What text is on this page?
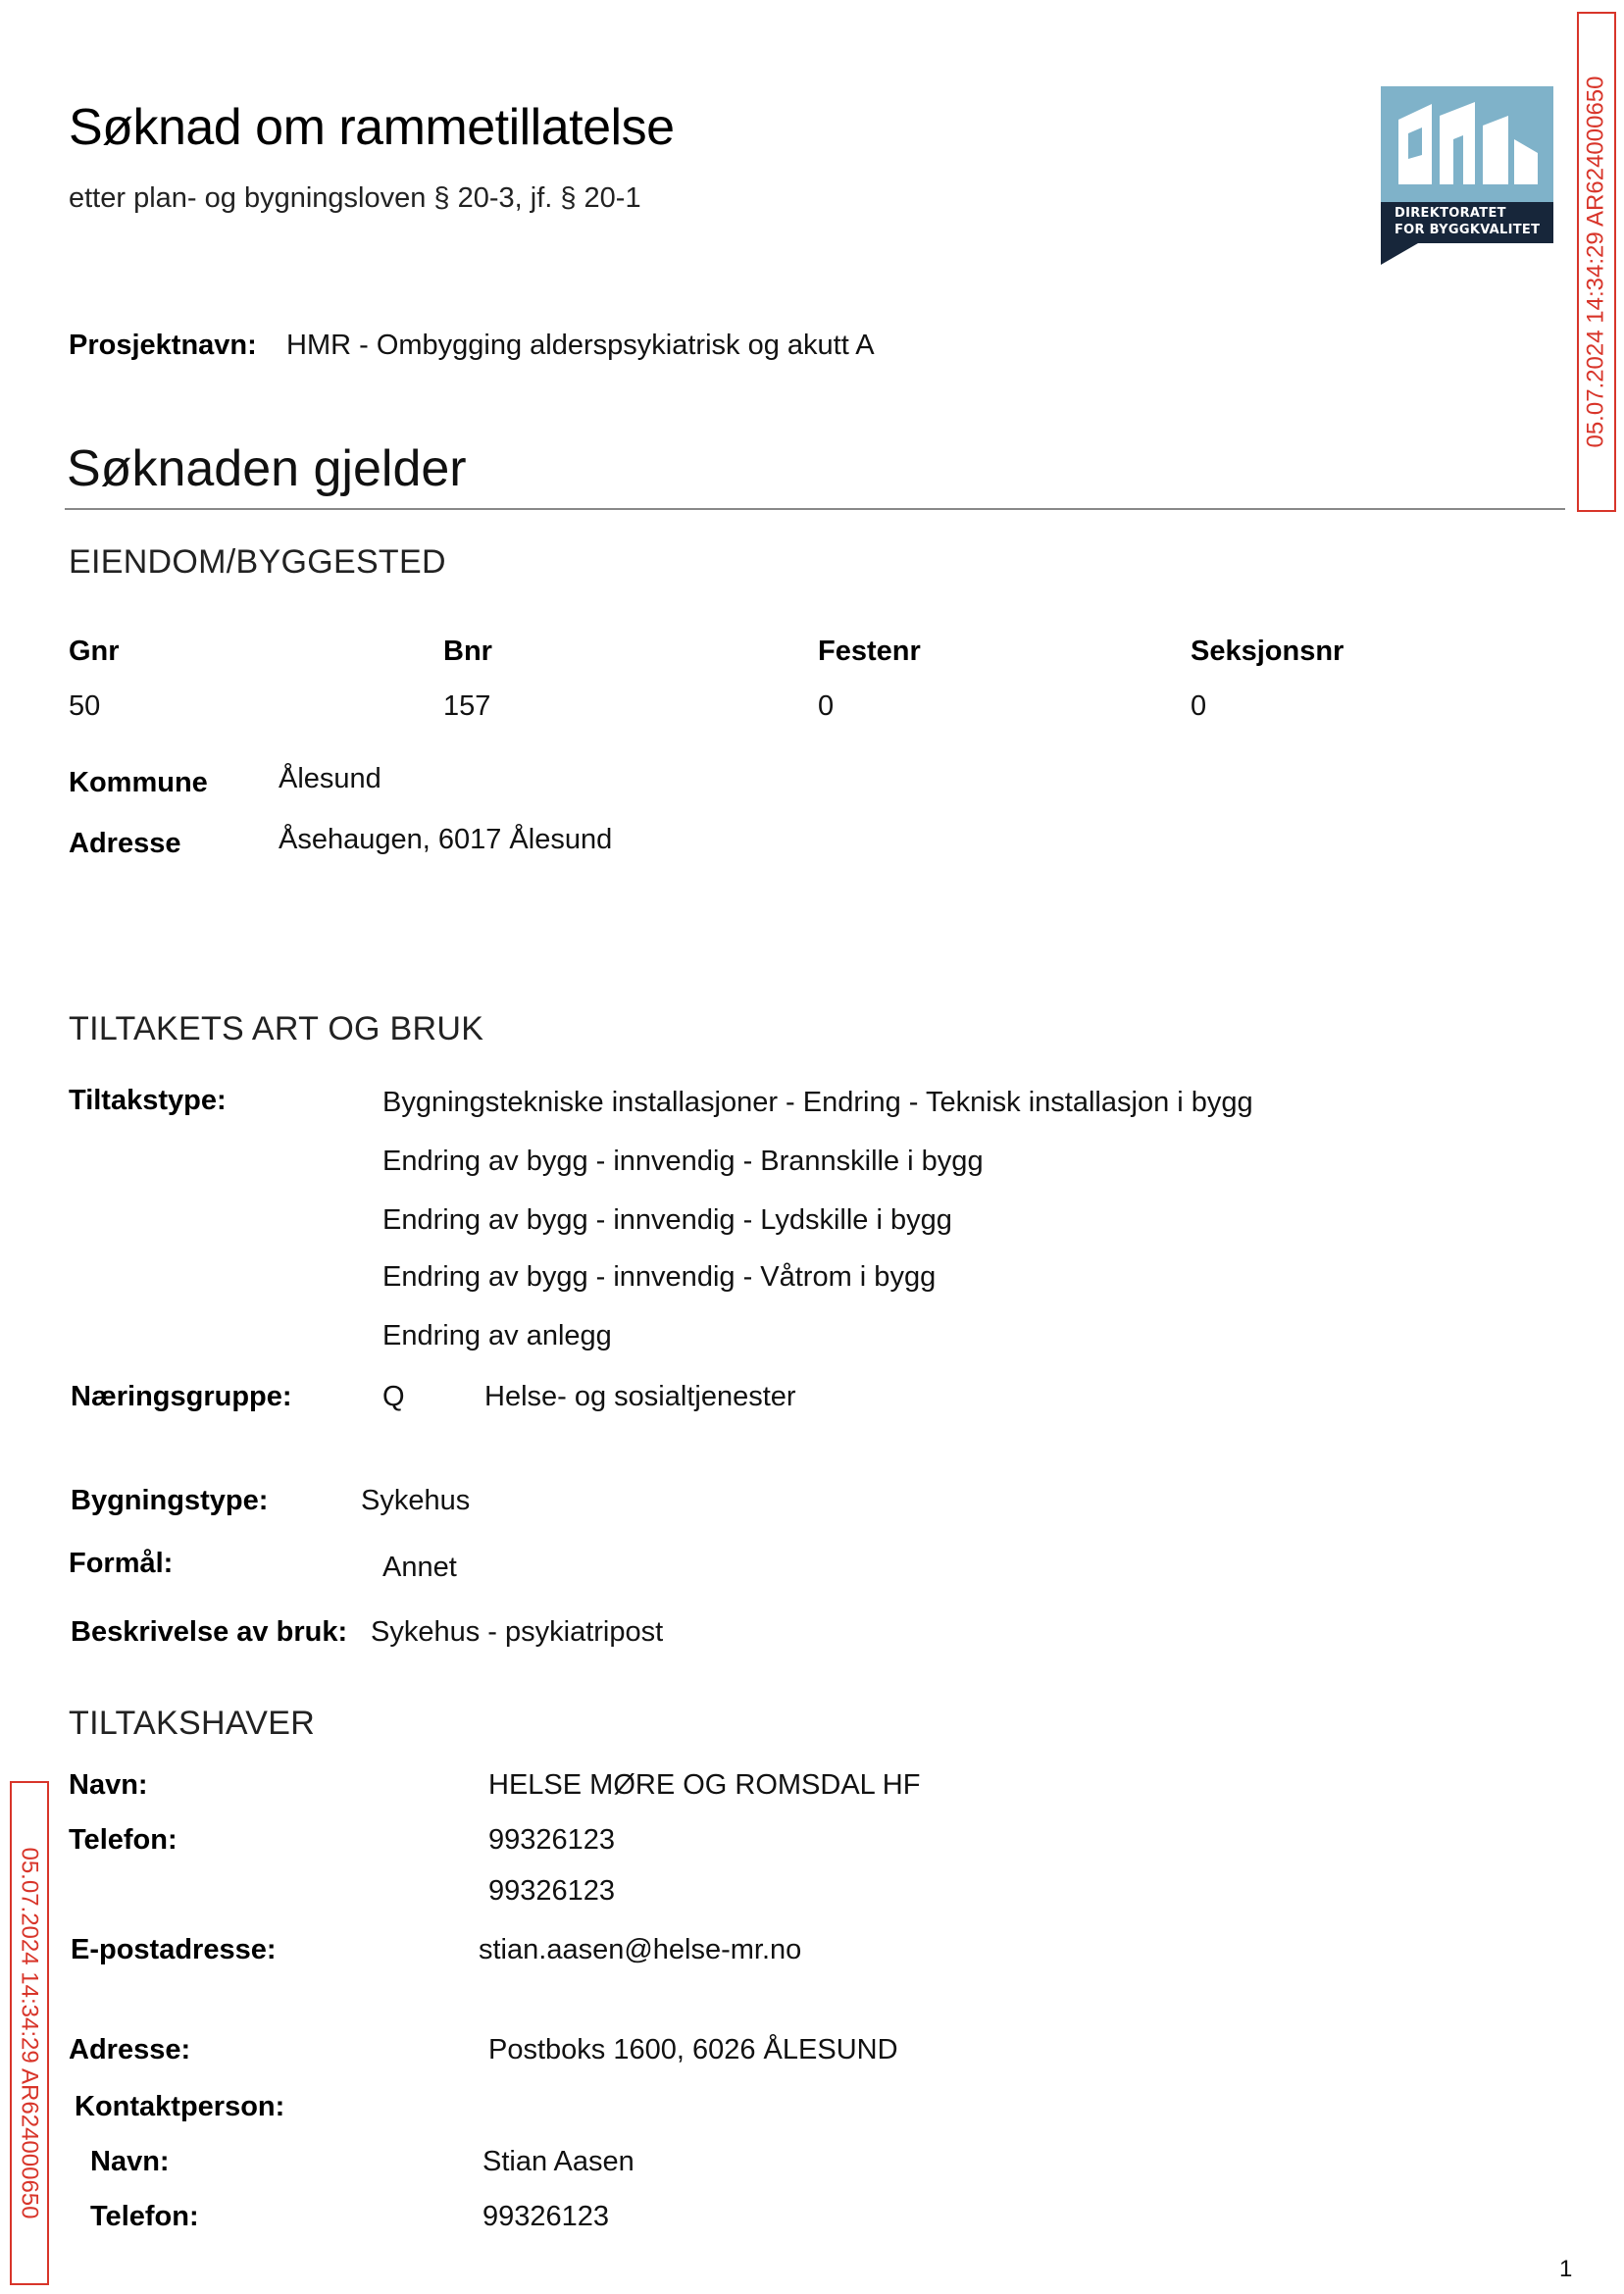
Søknad om rammetillatelse
etter plan- og bygningsloven § 20-3, jf. § 20-1	DIREKTORATET
FOR BYGGKVALITET 05.07.2024 14:34:29 AR624000650
05.07.2024 14:34:29 AR624000650
Prosjektnavn: HMR - Ombygging alderspsykiatrisk og akutt A
Søknaden gjelder
EIENDOM/BYGGESTED
Gnr	Bnr	Festenr	Seksjonsnr
50	157	0	0
Kommune Ålesund
Adresse	Åsehaugen, 6017 Ålesund
TILTAKETS ART OG BRUK
Tiltakstype:	Bygningstekniske installasjoner - Endring - Teknisk installasjon i bygg
Endring av bygg - innvendig - Brannskille i bygg
Endring av bygg - innvendig - Lydskille i bygg
Endring av bygg - innvendig - Våtrom i bygg
Endring av anlegg
Næringsgruppe:	Q	Helse- og sosialtjenester
Bygningstype:	Sykehus
Formål:	Annet
Beskrivelse av bruk: Sykehus - psykiatripost
TILTAKSHAVER
Navn:	HELSE MØRE OG ROMSDAL HF
Telefon:	99326123
99326123
E-postadresse:	stian.aasen@helse-mr.no
Adresse:	Postboks 1600, 6026 ÅLESUND
Kontaktperson:
Navn:	Stian Aasen
Telefon:	99326123
1
